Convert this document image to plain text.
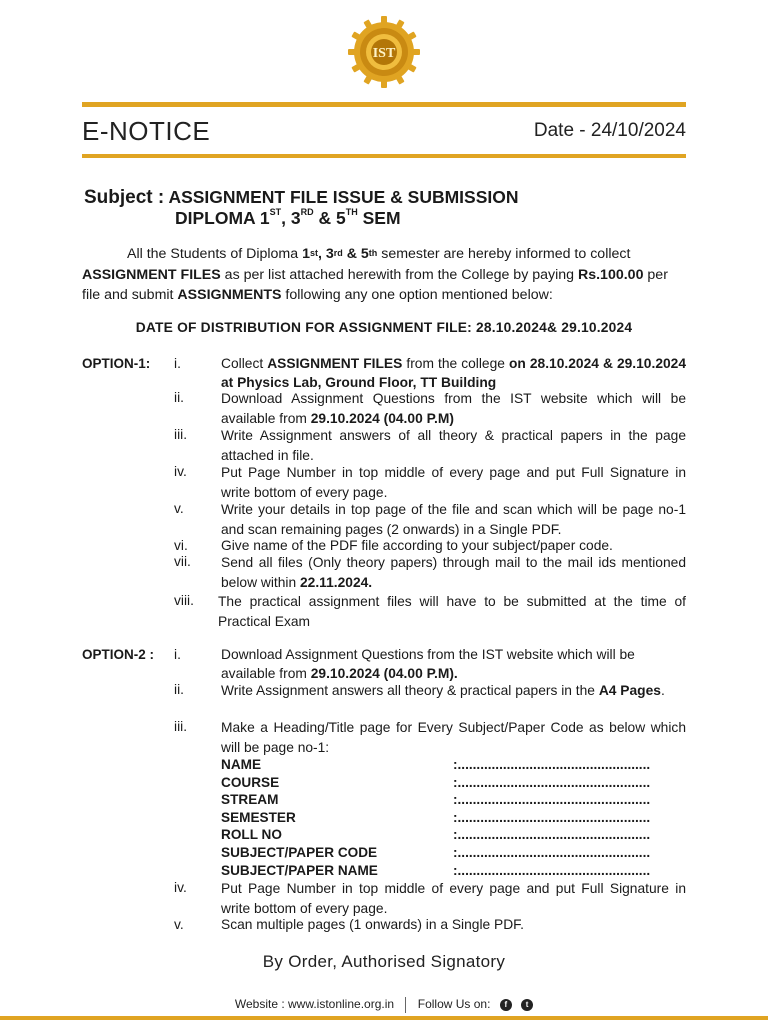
IST
E-NOTICE	Date - 24/10/2024
Subject : ASSIGNMENT FILE ISSUE & SUBMISSION
DIPLOMA 1ST, 3RD & 5TH SEM
All the Students of Diploma 1st, 3rd & 5th semester are hereby informed to collect ASSIGNMENT FILES as per list attached herewith from the College by paying Rs.100.00 per file and submit ASSIGNMENTS following any one option mentioned below:
DATE OF DISTRIBUTION FOR ASSIGNMENT FILE: 28.10.2024& 29.10.2024
OPTION-1: i.	Collect ASSIGNMENT FILES from the college on 28.10.2024 & 29.10.2024 at Physics Lab, Ground Floor, TT Building
ii.	Download Assignment Questions from the IST website which will be available from 29.10.2024 (04.00 P.M)
iii. Write Assignment answers of all theory & practical papers in the page attached in file.
iv. Put Page Number in top middle of every page and put Full Signature in write bottom of every page.
v.	Write your details in top page of the file and scan which will be page no-1 and scan remaining pages (2 onwards) in a Single PDF.
vi. Give name of the PDF file according to your subject/paper code.
vii. Send all files (Only theory papers) through mail to the mail ids mentioned below within 22.11.2024.
viii. The practical assignment files will have to be submitted at the time of Practical Exam
OPTION-2 : i.	Download Assignment Questions from the IST website which will be available from 29.10.2024 (04.00 P.M).
ii.	Write Assignment answers all theory & practical papers in the A4 Pages.
iii. Make a Heading/Title page for Every Subject/Paper Code as below which will be page no-1:
NAME	:...................................................
COURSE	:...................................................
STREAM	:...................................................
SEMESTER	:...................................................
ROLL NO	:...................................................
SUBJECT/PAPER CODE	:...................................................
SUBJECT/PAPER NAME	:...................................................
iv. Put Page Number in top middle of every page and put Full Signature in write bottom of every page.
v.	Scan multiple pages (1 onwards) in a Single PDF.
By Order, Authorised Signatory
Website : www.istonline.org.in Follow Us on: f t
